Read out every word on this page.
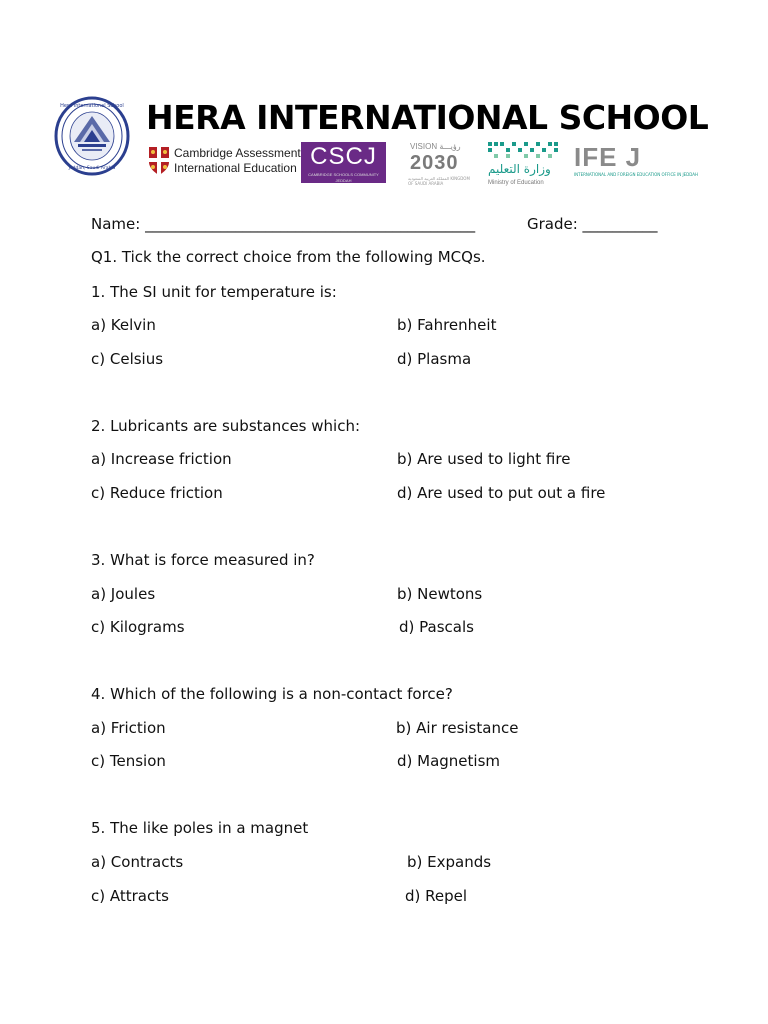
Hera International School
Jeddah, Saudi Arabia
HERA INTERNATIONAL SCHOOL
Cambridge Assessment
International Education CSCJ
CAMBRIDGE SCHOOLS COMMUNITY JEDDAH
VISION رؤيـــة
2030
المملكة العربية السعودية KINGDOM OF SAUDI ARABIA
وزارة التعليم
Ministry of Education
IFE J
INTERNATIONAL AND FOREIGN EDUCATION OFFICE IN JEDDAH
Name: ____________________________________________	Grade: __________
Q1. Tick the correct choice from the following MCQs.
1. The SI unit for temperature is:
a) Kelvin	b) Fahrenheit
c) Celsius	d) Plasma
2. Lubricants are substances which:
a) Increase friction	b) Are used to light fire
c) Reduce friction	d) Are used to put out a fire
3. What is force measured in?
a) Joules	b) Newtons
c) Kilograms	d) Pascals
4. Which of the following is a non-contact force?
a) Friction	b) Air resistance
c) Tension	d) Magnetism
5. The like poles in a magnet
a) Contracts	b) Expands
c) Attracts	d) Repel
